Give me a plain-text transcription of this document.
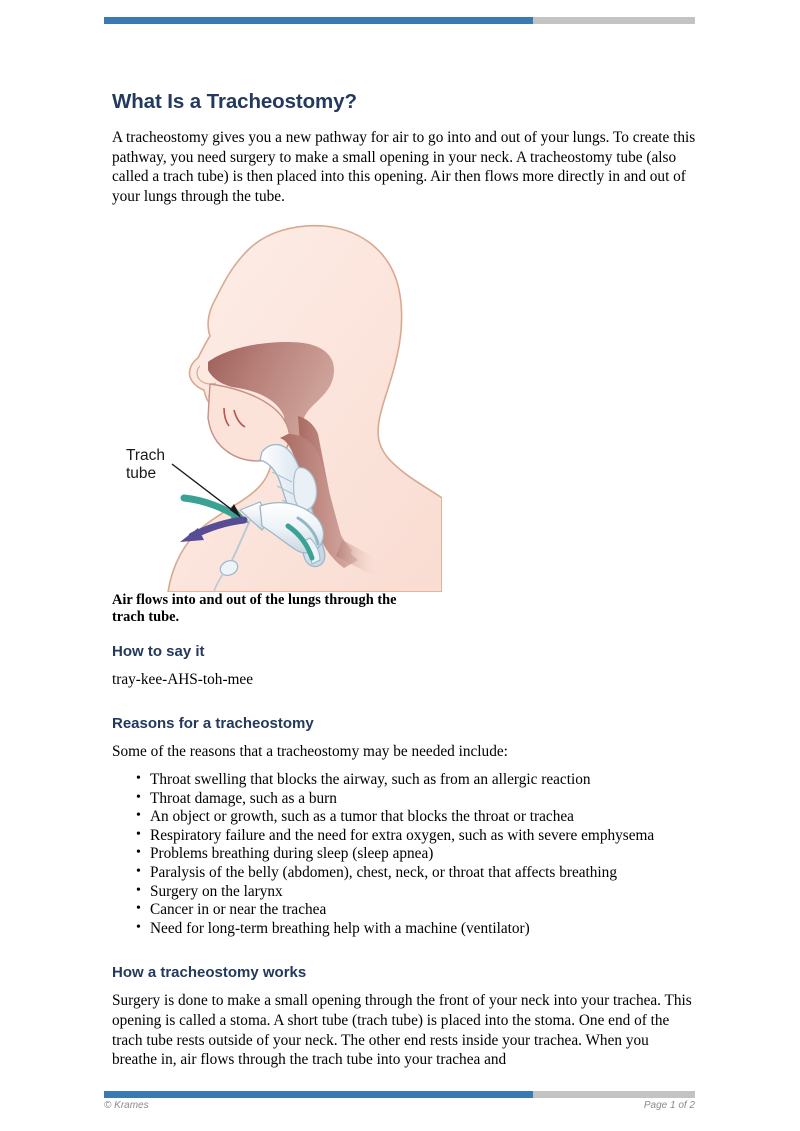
What Is a Tracheostomy?

A tracheostomy gives you a new pathway for air to go into and out of your lungs. To create this pathway, you need surgery to make a small opening in your neck. A tracheostomy tube (also called a trach tube) is then placed into this opening. Air then flows more directly in and out of your lungs through the tube.

Trach
tube

Air flows into and out of the lungs through the trach tube.

How to say it

tray-kee-AHS-toh-mee

Reasons for a tracheostomy

Some of the reasons that a tracheostomy may be needed include:

• Throat swelling that blocks the airway, such as from an allergic reaction
• Throat damage, such as a burn
• An object or growth, such as a tumor that blocks the throat or trachea
• Respiratory failure and the need for extra oxygen, such as with severe emphysema
• Problems breathing during sleep (sleep apnea)
• Paralysis of the belly (abdomen), chest, neck, or throat that affects breathing
• Surgery on the larynx
• Cancer in or near the trachea
• Need for long-term breathing help with a machine (ventilator)
How a tracheostomy works

Surgery is done to make a small opening through the front of your neck into your trachea. This opening is called a stoma. A short tube (trach tube) is placed into the stoma. One end of the trach tube rests outside of your neck. The other end rests inside your trachea. When you breathe in, air flows through the trach tube into your trachea and

© Krames	Page 1 of 2
